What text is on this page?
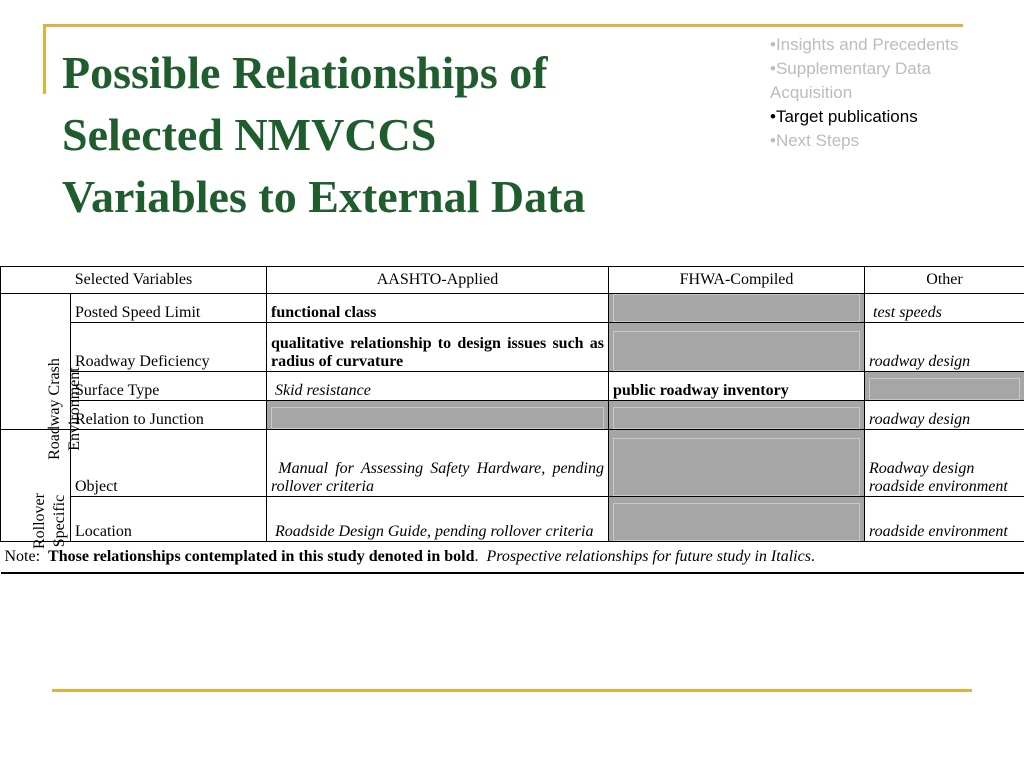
Possible Relationships of
Selected NMVCCS
Variables to External Data
•Insights and Precedents
•Supplementary Data Acquisition
•Target publications
•Next Steps
Selected Variables		AASHTO-Applied	FHWA-Compiled	Other
Roadway Crash Environment	Posted Speed Limit	functional class		test speeds
	Roadway Deficiency	qualitative relationship to design issues such as radius of curvature		roadway design
	Surface Type	Skid resistance	public roadway inventory	

	Relation to Junction			roadway design
Rollover Specific	Object	Manual for Assessing Safety Hardware, pending rollover criteria		Roadway design roadside environment
	Location	Roadside Design Guide, pending rollover criteria		roadside environment
Note: Those relationships contemplated in this study denoted in bold.  Prospective relationships for future study in Italics.				
